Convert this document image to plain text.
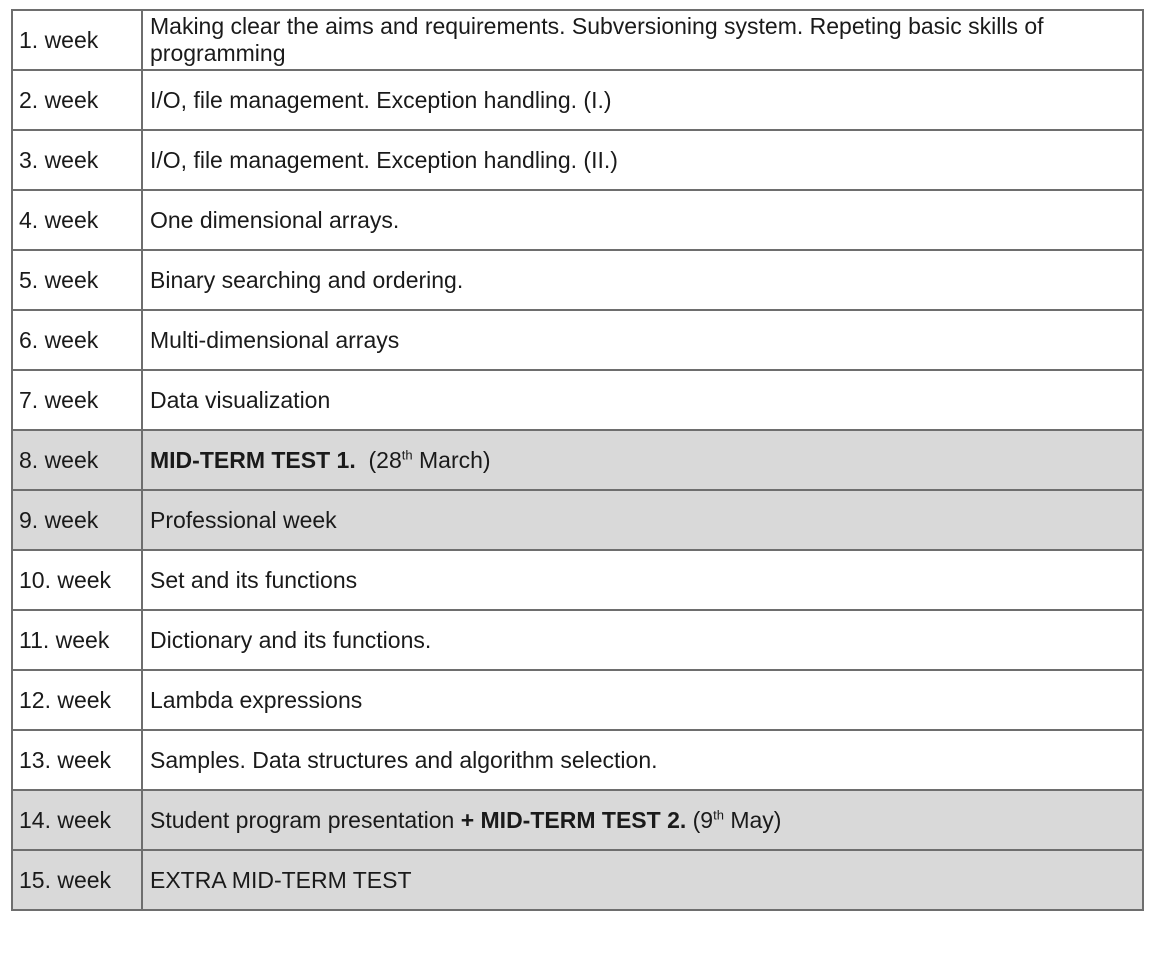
1. week	Making clear the aims and requirements. Subversioning system. Repeting basic skills of programming
2. week	I/O, file management. Exception handling. (I.)
3. week	I/O, file management. Exception handling. (II.)
4. week	One dimensional arrays.
5. week	Binary searching and ordering.
6. week	Multi-dimensional arrays
7. week	Data visualization
8. week	MID-TERM TEST 1. (28th March)
9. week	Professional week
10. week	Set and its functions
11. week	Dictionary and its functions.
12. week	Lambda expressions
13. week	Samples. Data structures and algorithm selection.
14. week	Student program presentation + MID-TERM TEST 2. (9th May)
15. week	EXTRA MID-TERM TEST
